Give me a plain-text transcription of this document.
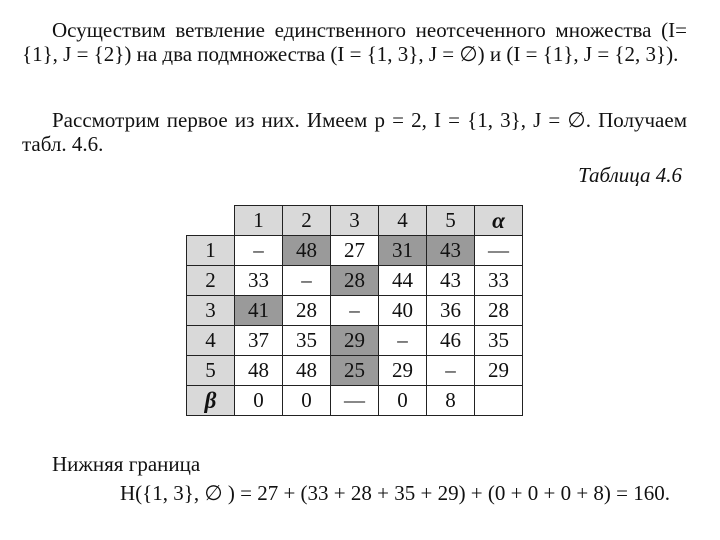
Осуществим ветвление единственного неотсеченного множества (I= {1}, J = {2}) на два подмножества (I = {1, 3}, J = ∅) и (I = {1}, J = {2, 3}).
Рассмотрим первое из них. Имеем p = 2, I = {1, 3}, J = ∅. Получаем табл. 4.6.
Таблица 4.6
	1	2	3	4	5	α
1	–	48	27	31	43	—
2	33	–	28	44	43	33
3	41	28	–	40	36	28
4	37	35	29	–	46	35
5	48	48	25	29	–	29
β	0	0	—	0	8	
Нижняя граница
H({1, 3}, ∅ ) = 27 + (33 + 28 + 35 + 29) + (0 + 0 + 0 + 8) = 160.
